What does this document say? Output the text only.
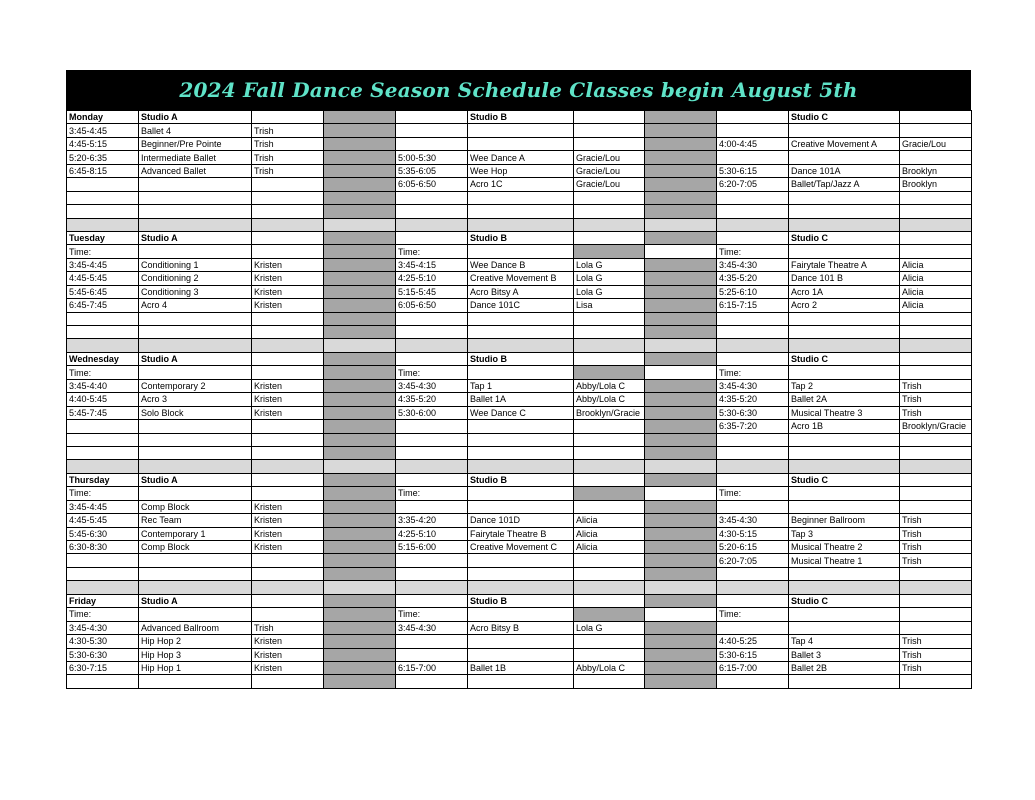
2024 Fall Dance Season Schedule Classes begin August 5th
Monday	Studio A				Studio B				Studio C	
3:45-4:45	Ballet 4	Trish								
4:45-5:15	Beginner/Pre Pointe	Trish						4:00-4:45	Creative Movement A	Gracie/Lou
5:20-6:35	Intermediate Ballet	Trish		5:00-5:30	Wee Dance A	Gracie/Lou				
6:45-8:15	Advanced Ballet	Trish		5:35-6:05	Wee Hop	Gracie/Lou		5:30-6:15	Dance 101A	Brooklyn
				6:05-6:50	Acro 1C	Gracie/Lou		6:20-7:05	Ballet/Tap/Jazz A	Brooklyn

Tuesday	Studio A				Studio B				Studio C	
Time:				Time:				Time:		
3:45-4:45	Conditioning 1	Kristen		3:45-4:15	Wee Dance B	Lola G		3:45-4:30	Fairytale Theatre A	Alicia
4:45-5:45	Conditioning 2	Kristen		4:25-5:10	Creative Movement B	Lola G		4:35-5:20	Dance 101 B	Alicia
5:45-6:45	Conditioning 3	Kristen		5:15-5:45	Acro Bitsy A	Lola G		5:25-6:10	Acro 1A	Alicia
6:45-7:45	Acro 4	Kristen		6:05-6:50	Dance 101C	Lisa		6:15-7:15	Acro 2	Alicia

Wednesday	Studio A				Studio B				Studio C	
Time:				Time:				Time:		
3:45-4:40	Contemporary 2	Kristen		3:45-4:30	Tap 1	Abby/Lola C		3:45-4:30	Tap 2	Trish
4:40-5:45	Acro 3	Kristen		4:35-5:20	Ballet 1A	Abby/Lola C		4:35-5:20	Ballet 2A	Trish
5:45-7:45	Solo Block	Kristen		5:30-6:00	Wee Dance C	Brooklyn/Gracie		5:30-6:30	Musical Theatre 3	Trish
								6:35-7:20	Acro 1B	Brooklyn/Gracie

Thursday	Studio A				Studio B				Studio C	
Time:				Time:				Time:		
3:45-4:45	Comp Block	Kristen								
4:45-5:45	Rec Team	Kristen		3:35-4:20	Dance 101D	Alicia		3:45-4:30	Beginner Ballroom	Trish
5:45-6:30	Contemporary 1	Kristen		4:25-5:10	Fairytale Theatre B	Alicia		4:30-5:15	Tap 3	Trish
6:30-8:30	Comp Block	Kristen		5:15-6:00	Creative Movement C	Alicia		5:20-6:15	Musical Theatre 2	Trish
								6:20-7:05	Musical Theatre 1	Trish

Friday	Studio A				Studio B				Studio C	
Time:				Time:				Time:		
3:45-4:30	Advanced Ballroom	Trish		3:45-4:30	Acro Bitsy B	Lola G				
4:30-5:30	Hip Hop 2	Kristen						4:40-5:25	Tap 4	Trish
5:30-6:30	Hip Hop 3	Kristen						5:30-6:15	Ballet 3	Trish
6:30-7:15	Hip Hop 1	Kristen		6:15-7:00	Ballet 1B	Abby/Lola C		6:15-7:00	Ballet 2B	Trish
